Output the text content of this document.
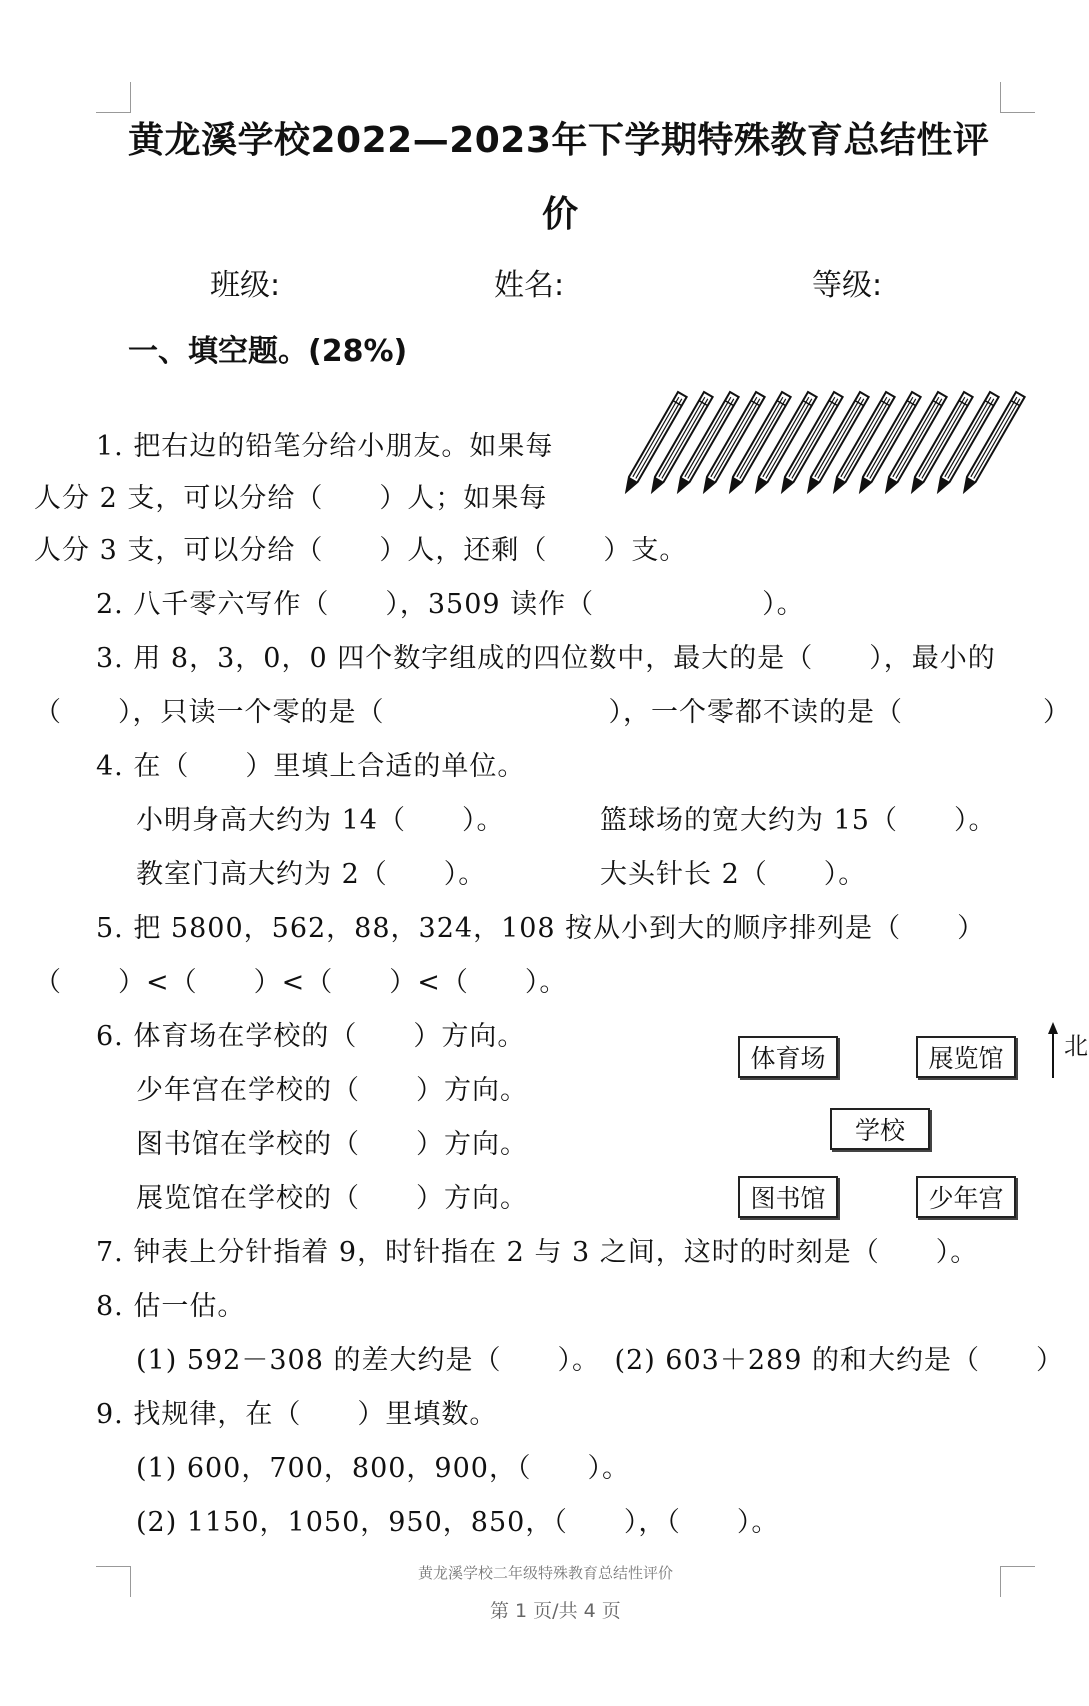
黄龙溪学校2022—2023年下学期特殊教育总结性评
价
班级:	姓名:	等级:
一、填空题。(28%)
1. 把右边的铅笔分给小朋友。如果每
人分 2 支，可以分给（　　）人；如果每
人分 3 支，可以分给（　　）人，还剩（　　）支。
2. 八千零六写作（　　），3509 读作（　　　　　　）。
3. 用 8，3，0，0 四个数字组成的四位数中，最大的是（　　），最小的
（　　），只读一个零的是（　　　　　　　　），一个零都不读的是（　　　　　）
4. 在（　　）里填上合适的单位。
小明身高大约为 14（　　）。	篮球场的宽大约为 15（　　）。
教室门高大约为 2（　　）。	大头针长 2（　　）。
5. 把 5800，562，88，324，108 按从小到大的顺序排列是（　　）
（　　）<（　　）<（　　）<（　　）。
6. 体育场在学校的（　　）方向。
少年宫在学校的（　　）方向。
图书馆在学校的（　　）方向。
展览馆在学校的（　　）方向。
体育场	展览馆
学校
图书馆	少年宫
北
7. 钟表上分针指着 9，时针指在 2 与 3 之间，这时的时刻是（　　）。
8. 估一估。
(1) 592－308 的差大约是（　　）。　(2) 603＋289 的和大约是（　　）
9. 找规律，在（　　）里填数。
(1) 600，700，800，900，（　　）。
(2) 1150，1050，950，850，（　　），（　　）。
黄龙溪学校二年级特殊教育总结性评价
第 1 页/共 4 页
